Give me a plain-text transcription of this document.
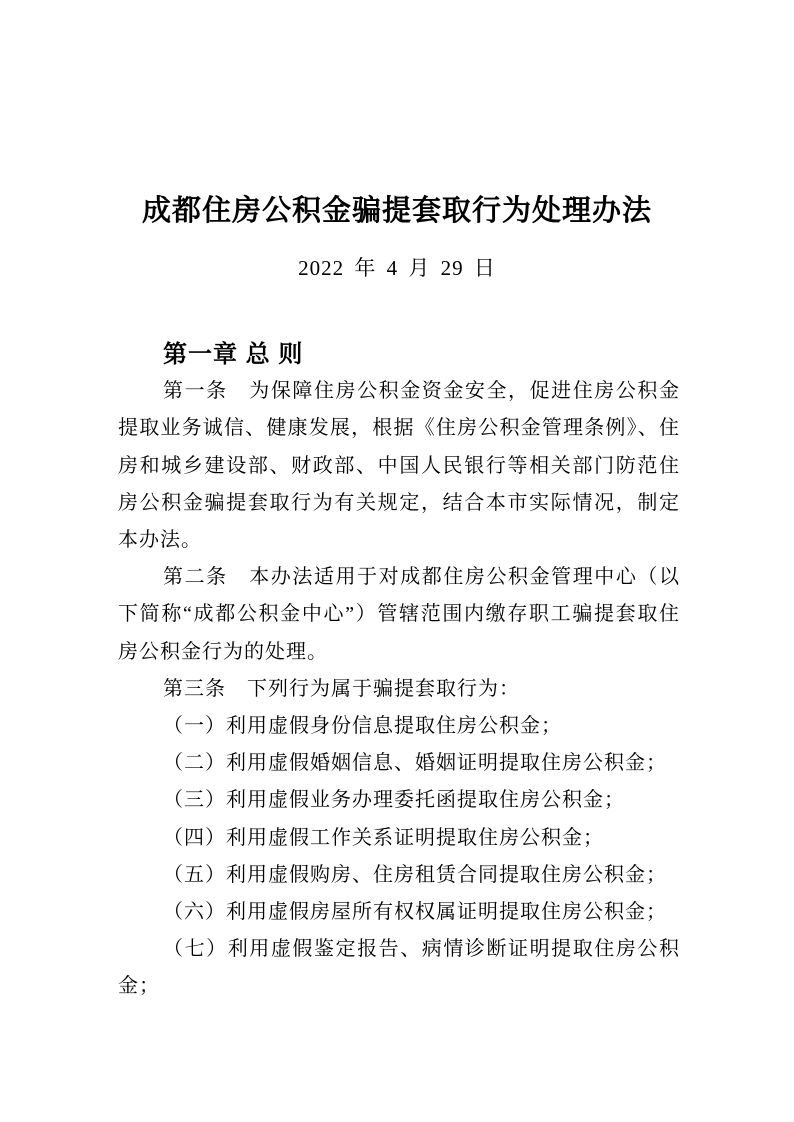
成都住房公积金骗提套取行为处理办法
2022 年 4 月 29 日
第一章 总 则

第一条　为保障住房公积金资金安全，促进住房公积金提取业务诚信、健康发展，根据《住房公积金管理条例》、住房和城乡建设部、财政部、中国人民银行等相关部门防范住房公积金骗提套取行为有关规定，结合本市实际情况，制定本办法。

第二条　本办法适用于对成都住房公积金管理中心（以下简称“成都公积金中心”）管辖范围内缴存职工骗提套取住房公积金行为的处理。

第三条　下列行为属于骗提套取行为：

（一）利用虚假身份信息提取住房公积金；

（二）利用虚假婚姻信息、婚姻证明提取住房公积金；

（三）利用虚假业务办理委托函提取住房公积金；

（四）利用虚假工作关系证明提取住房公积金；

（五）利用虚假购房、住房租赁合同提取住房公积金；

（六）利用虚假房屋所有权权属证明提取住房公积金；

（七）利用虚假鉴定报告、病情诊断证明提取住房公积金；
